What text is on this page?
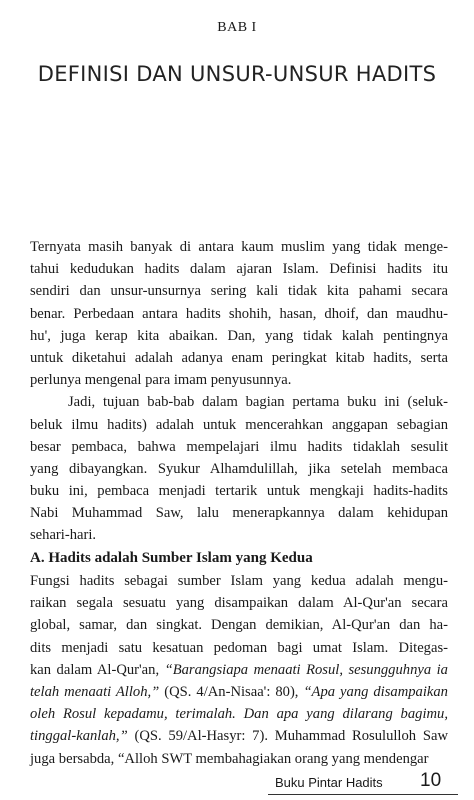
BAB I
DEFINISI DAN UNSUR-UNSUR HADITS
Ternyata masih banyak di antara kaum muslim yang tidak menge-
tahui kedudukan hadits dalam ajaran Islam. Definisi hadits itu
sendiri dan unsur-unsurnya sering kali tidak kita pahami secara
benar. Perbedaan antara hadits shohih, hasan, dhoif, dan maudhu-
hu', juga kerap kita abaikan. Dan, yang tidak kalah pentingnya
untuk diketahui adalah adanya enam peringkat kitab hadits, serta
perlunya mengenal para imam penyusunnya.
Jadi, tujuan bab-bab dalam bagian pertama buku ini (seluk-
beluk ilmu hadits) adalah untuk mencerahkan anggapan sebagian
besar pembaca, bahwa mempelajari ilmu hadits tidaklah sesulit
yang dibayangkan. Syukur Alhamdulillah, jika setelah membaca
buku ini, pembaca menjadi tertarik untuk mengkaji hadits-hadits
Nabi Muhammad Saw, lalu menerapkannya dalam kehidupan
sehari-hari.
A. Hadits adalah Sumber Islam yang Kedua
Fungsi hadits sebagai sumber Islam yang kedua adalah mengu-
raikan segala sesuatu yang disampaikan dalam Al-Qur'an secara
global, samar, dan singkat. Dengan demikian, Al-Qur'an dan ha-
dits menjadi satu kesatuan pedoman bagi umat Islam. Ditegas-
kan dalam Al-Qur'an, “Barangsiapa menaati Rosul, sesungguhnya ia telah menaati Alloh,” (QS. 4/An-Nisaa': 80), “Apa yang disampaikan oleh Rosul kepadamu, terimalah. Dan apa yang dilarang bagimu, tinggal-kanlah,” (QS. 59/Al-Hasyr: 7). Muhammad Rosululloh Saw juga bersabda, “Alloh SWT membahagiakan orang yang mendengar
Buku Pintar Hadits 10
